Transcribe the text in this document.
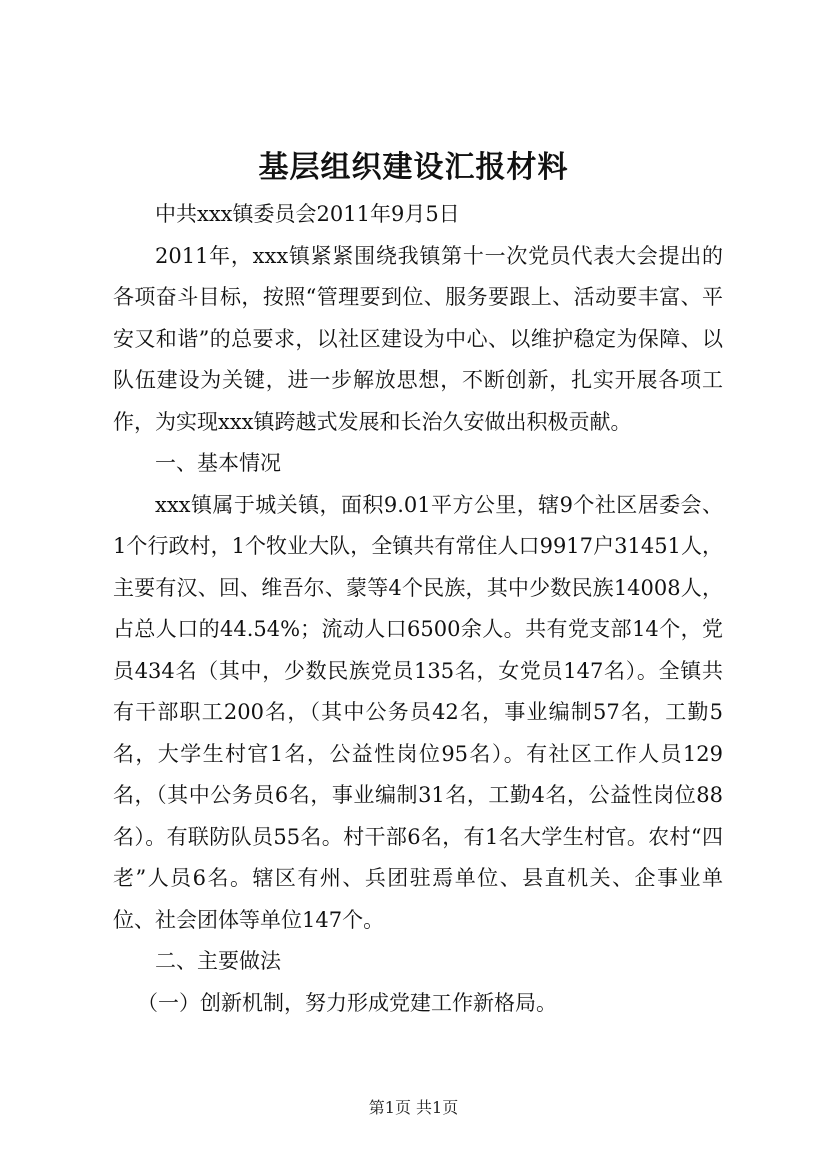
基层组织建设汇报材料

中共xxx镇委员会2011年9月5日

2011年，xxx镇紧紧围绕我镇第十一次党员代表大会提出的各项奋斗目标，按照“管理要到位、服务要跟上、活动要丰富、平安又和谐”的总要求，以社区建设为中心、以维护稳定为保障、以队伍建设为关键，进一步解放思想，不断创新，扎实开展各项工作，为实现xxx镇跨越式发展和长治久安做出积极贡献。

一、基本情况

xxx镇属于城关镇，面积9.01平方公里，辖9个社区居委会、1个行政村，1个牧业大队，全镇共有常住人口9917户31451人，主要有汉、回、维吾尔、蒙等4个民族，其中少数民族14008人，占总人口的44.54%；流动人口6500余人。共有党支部14个，党员434名（其中，少数民族党员135名，女党员147名）。全镇共有干部职工200名，（其中公务员42名，事业编制57名，工勤5名，大学生村官1名，公益性岗位95名）。有社区工作人员129名，（其中公务员6名，事业编制31名，工勤4名，公益性岗位88名）。有联防队员55名。村干部6名，有1名大学生村官。农村“四老”人员6名。辖区有州、兵团驻焉单位、县直机关、企事业单位、社会团体等单位147个。

二、主要做法

（一）创新机制，努力形成党建工作新格局。

第1页 共1页
